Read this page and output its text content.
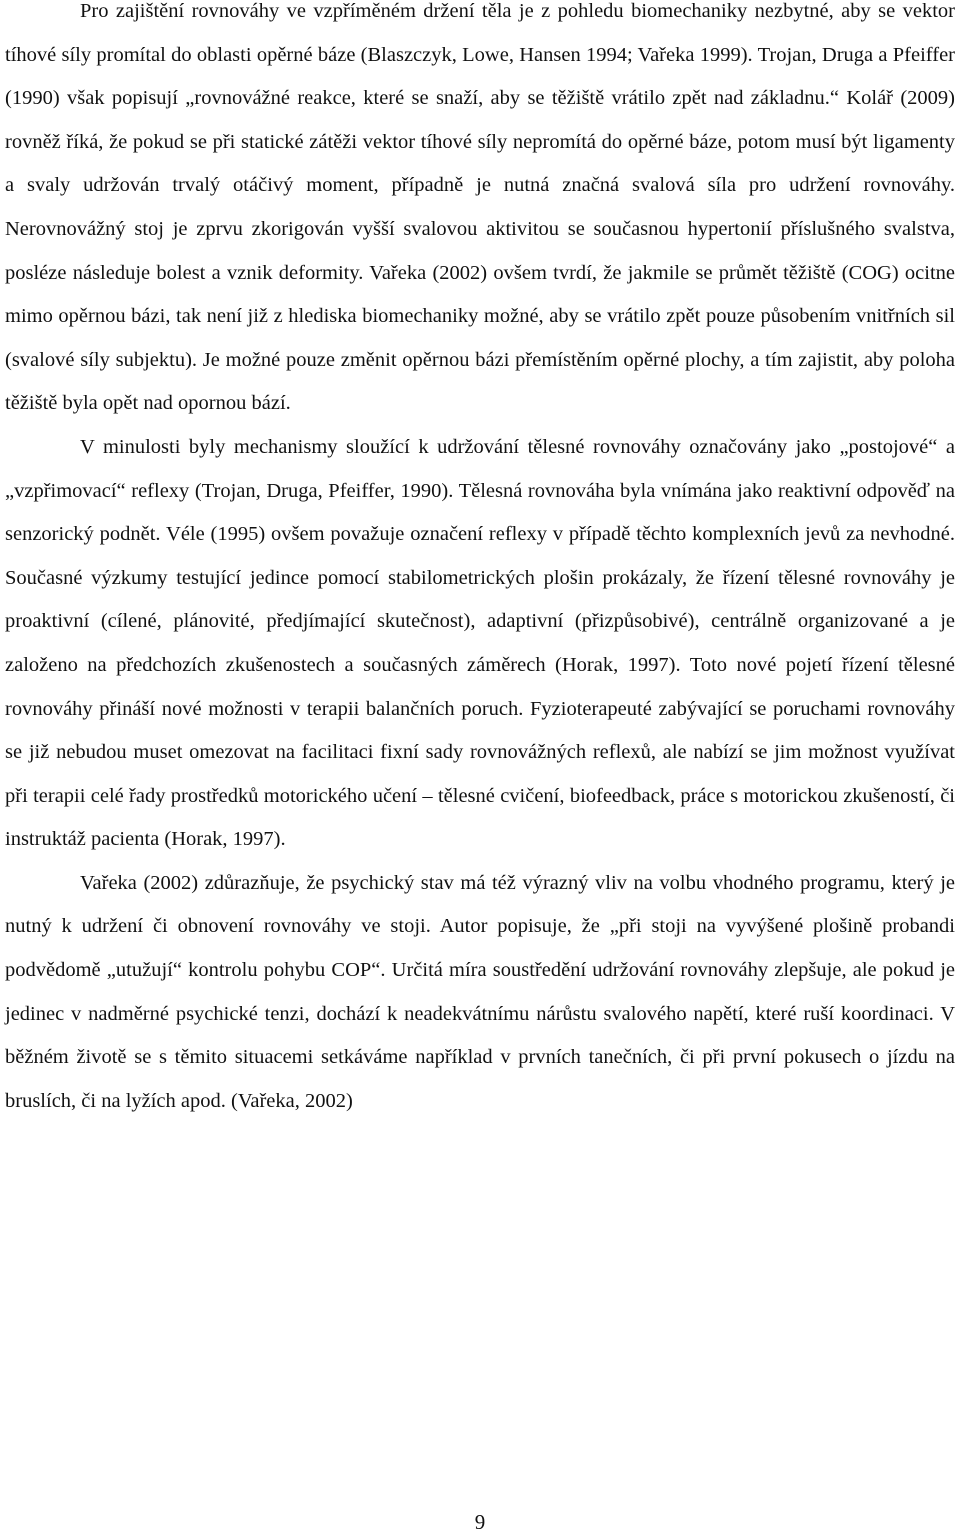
Pro zajištění rovnováhy ve vzpříměném držení těla je z pohledu biomechaniky nezbytné, aby se vektor tíhové síly promítal do oblasti opěrné báze (Blaszczyk, Lowe, Hansen 1994; Vařeka 1999). Trojan, Druga a Pfeiffer (1990) však popisují „rovnovážné reakce, které se snaží, aby se těžiště vrátilo zpět nad základnu.“ Kolář (2009) rovněž říká, že pokud se při statické zátěži vektor tíhové síly nepromítá do opěrné báze, potom musí být ligamenty a svaly udržován trvalý otáčivý moment, případně je nutná značná svalová síla pro udržení rovnováhy. Nerovnovážný stoj je zprvu zkorigován vyšší svalovou aktivitou se současnou hypertonií příslušného svalstva, posléze následuje bolest a vznik deformity. Vařeka (2002) ovšem tvrdí, že jakmile se průmět těžiště (COG) ocitne mimo opěrnou bázi, tak není již z hlediska biomechaniky možné, aby se vrátilo zpět pouze působením vnitřních sil (svalové síly subjektu). Je možné pouze změnit opěrnou bázi přemístěním opěrné plochy, a tím zajistit, aby poloha těžiště byla opět nad opornou bází.

V minulosti byly mechanismy sloužící k udržování tělesné rovnováhy označovány jako „postojové“ a „vzpřimovací“ reflexy (Trojan, Druga, Pfeiffer, 1990). Tělesná rovnováha byla vnímána jako reaktivní odpověď na senzorický podnět. Véle (1995) ovšem považuje označení reflexy v případě těchto komplexních jevů za nevhodné. Současné výzkumy testující jedince pomocí stabilometrických plošin prokázaly, že řízení tělesné rovnováhy je proaktivní (cílené, plánovité, předjímající skutečnost), adaptivní (přizpůsobivé), centrálně organizované a je založeno na předchozích zkušenostech a současných záměrech (Horak, 1997). Toto nové pojetí řízení tělesné rovnováhy přináší nové možnosti v terapii balančních poruch. Fyzioterapeuté zabývající se poruchami rovnováhy se již nebudou muset omezovat na facilitaci fixní sady rovnovážných reflexů, ale nabízí se jim možnost využívat při terapii celé řady prostředků motorického učení – tělesné cvičení, biofeedback, práce s motorickou zkušeností, či instruktáž pacienta (Horak, 1997).

Vařeka (2002) zdůrazňuje, že psychický stav má též výrazný vliv na volbu vhodného programu, který je nutný k udržení či obnovení rovnováhy ve stoji. Autor popisuje, že „při stoji na vyvýšené plošině probandi podvědomě „utužují“ kontrolu pohybu COP“. Určitá míra soustředění udržování rovnováhy zlepšuje, ale pokud je jedinec v nadměrné psychické tenzi, dochází k neadekvátnímu nárůstu svalového napětí, které ruší koordinaci. V běžném životě se s těmito situacemi setkáváme například v prvních tanečních, či při první pokusech o jízdu na bruslích, či na lyžích apod. (Vařeka, 2002)

9
